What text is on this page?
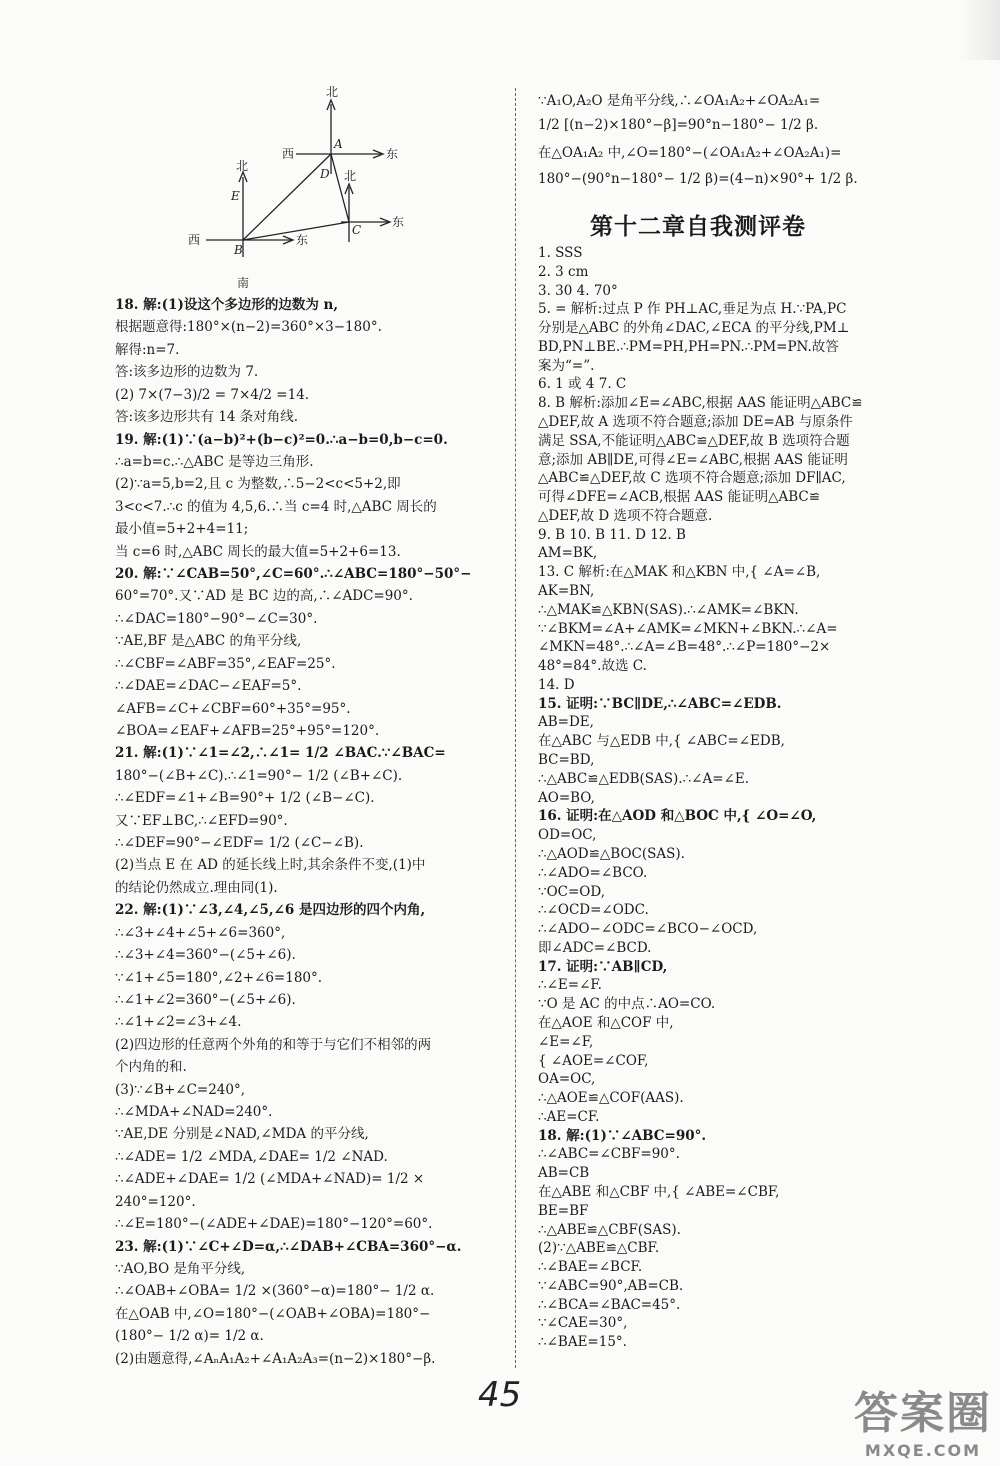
北
西	东
A
D 北
北
E
东
C
西
B
东
南
18. 解:(1)设这个多边形的边数为 n,
根据题意得:180°×(n−2)=360°×3−180°.
解得:n=7.
答:该多边形的边数为 7.
(2) 7×(7−3)/2 = 7×4/2 =14.
答:该多边形共有 14 条对角线.
19. 解:(1)∵(a−b)²+(b−c)²=0.∴a−b=0,b−c=0.
∴a=b=c.∴△ABC 是等边三角形.
(2)∵a=5,b=2,且 c 为整数,∴5−2<c<5+2,即
3<c<7.∴c 的值为 4,5,6.∴当 c=4 时,△ABC 周长的
最小值=5+2+4=11;
当 c=6 时,△ABC 周长的最大值=5+2+6=13.
20. 解:∵∠CAB=50°,∠C=60°.∴∠ABC=180°−50°−
60°=70°.又∵AD 是 BC 边的高,∴∠ADC=90°.
∴∠DAC=180°−90°−∠C=30°.
∵AE,BF 是△ABC 的角平分线,
∴∠CBF=∠ABF=35°,∠EAF=25°.
∴∠DAE=∠DAC−∠EAF=5°.
∠AFB=∠C+∠CBF=60°+35°=95°.
∠BOA=∠EAF+∠AFB=25°+95°=120°.
21. 解:(1)∵∠1=∠2,∴∠1= 1/2 ∠BAC.∵∠BAC=
180°−(∠B+∠C).∴∠1=90°− 1/2 (∠B+∠C).
∴∠EDF=∠1+∠B=90°+ 1/2 (∠B−∠C).
又∵EF⊥BC,∴∠EFD=90°.
∴∠DEF=90°−∠EDF= 1/2 (∠C−∠B).
(2)当点 E 在 AD 的延长线上时,其余条件不变,(1)中
的结论仍然成立.理由同(1).
22. 解:(1)∵∠3,∠4,∠5,∠6 是四边形的四个内角,
∴∠3+∠4+∠5+∠6=360°,
∴∠3+∠4=360°−(∠5+∠6).
∵∠1+∠5=180°,∠2+∠6=180°.
∴∠1+∠2=360°−(∠5+∠6).
∴∠1+∠2=∠3+∠4.
(2)四边形的任意两个外角的和等于与它们不相邻的两
个内角的和.
(3)∵∠B+∠C=240°,
∴∠MDA+∠NAD=240°.
∵AE,DE 分别是∠NAD,∠MDA 的平分线,
∴∠ADE= 1/2 ∠MDA,∠DAE= 1/2 ∠NAD.
∴∠ADE+∠DAE= 1/2 (∠MDA+∠NAD)= 1/2 ×
240°=120°.
∴∠E=180°−(∠ADE+∠DAE)=180°−120°=60°.
23. 解:(1)∵∠C+∠D=α,∴∠DAB+∠CBA=360°−α.
∵AO,BO 是角平分线,
∴∠OAB+∠OBA= 1/2 ×(360°−α)=180°− 1/2 α.
在△OAB 中,∠O=180°−(∠OAB+∠OBA)=180°−
(180°− 1/2 α)= 1/2 α.
(2)由题意得,∠AₙA₁A₂+∠A₁A₂A₃=(n−2)×180°−β.
∵A₁O,A₂O 是角平分线,∴∠OA₁A₂+∠OA₂A₁=
1/2 [(n−2)×180°−β]=90°n−180°− 1/2 β.
在△OA₁A₂ 中,∠O=180°−(∠OA₁A₂+∠OA₂A₁)=
180°−(90°n−180°− 1/2 β)=(4−n)×90°+ 1/2 β.
1. SSS
2. 3 cm
3. 30 4. 70°
5. = 解析:过点 P 作 PH⊥AC,垂足为点 H.∵PA,PC
分别是△ABC 的外角∠DAC,∠ECA 的平分线,PM⊥
BD,PN⊥BE.∴PM=PH,PH=PN.∴PM=PN.故答
案为“=”.
6. 1 或 4 7. C
8. B 解析:添加∠E=∠ABC,根据 AAS 能证明△ABC≌
△DEF,故 A 选项不符合题意;添加 DE=AB 与原条件
满足 SSA,不能证明△ABC≌△DEF,故 B 选项符合题
意;添加 AB∥DE,可得∠E=∠ABC,根据 AAS 能证明
△ABC≌△DEF,故 C 选项不符合题意;添加 DF∥AC,
可得∠DFE=∠ACB,根据 AAS 能证明△ABC≌
△DEF,故 D 选项不符合题意.
9. B 10. B 11. D 12. B
AM=BK,
13. C 解析:在△MAK 和△KBN 中,{ ∠A=∠B,
AK=BN,
∴△MAK≌△KBN(SAS).∴∠AMK=∠BKN.
∵∠BKM=∠A+∠AMK=∠MKN+∠BKN.∴∠A=
∠MKN=48°.∴∠A=∠B=48°.∴∠P=180°−2×
48°=84°.故选 C.
14. D
15. 证明:∵BC∥DE,∴∠ABC=∠EDB.
AB=DE,
在△ABC 与△EDB 中,{ ∠ABC=∠EDB,
BC=BD,
∴△ABC≌△EDB(SAS).∴∠A=∠E.
AO=BO,
16. 证明:在△AOD 和△BOC 中,{ ∠O=∠O,
OD=OC,
∴△AOD≌△BOC(SAS).
∴∠ADO=∠BCO.
∵OC=OD,
∴∠OCD=∠ODC.
∴∠ADO−∠ODC=∠BCO−∠OCD,
即∠ADC=∠BCD.
17. 证明:∵AB∥CD,
∴∠E=∠F.
∵O 是 AC 的中点∴AO=CO.
在△AOE 和△COF 中,
∠E=∠F,
{ ∠AOE=∠COF,
OA=OC,
∴△AOE≌△COF(AAS).
∴AE=CF.
18. 解:(1)∵∠ABC=90°.
∴∠ABC=∠CBF=90°.
AB=CB
在△ABE 和△CBF 中,{ ∠ABE=∠CBF,
BE=BF
∴△ABE≌△CBF(SAS).
(2)∵△ABE≌△CBF.
∴∠BAE=∠BCF.
∵∠ABC=90°,AB=CB.
∴∠BCA=∠BAC=45°.
∵∠CAE=30°,
∴∠BAE=15°.
第十二章自我测评卷
45	答案圈
MXQE.COM
